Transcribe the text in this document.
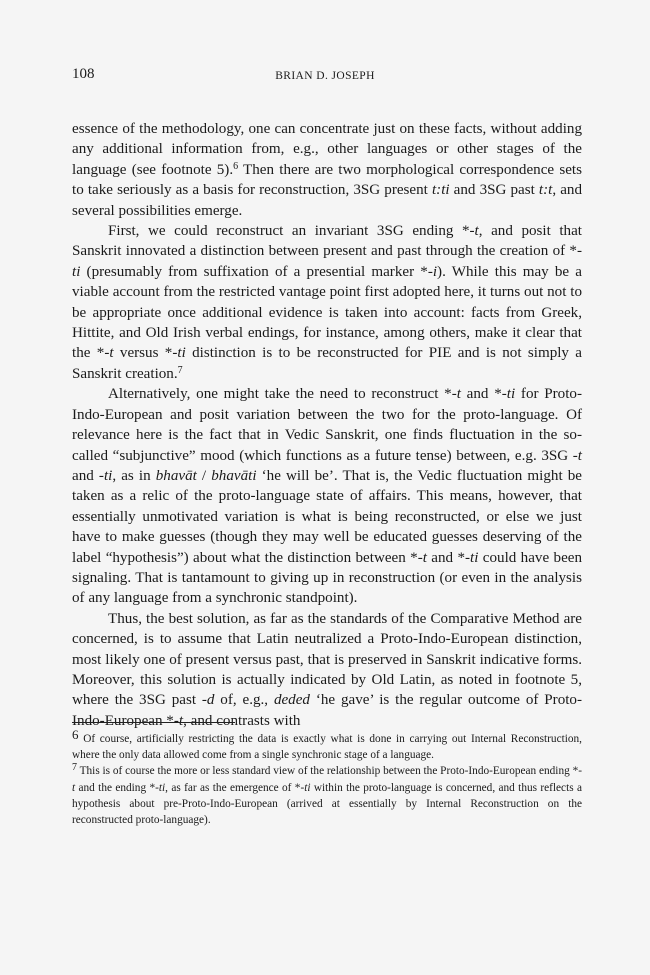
108	BRIAN D. JOSEPH

essence of the methodology, one can concentrate just on these facts, without adding any additional information from, e.g., other languages or other stages of the language (see footnote 5).$^6$ Then there are two morphological correspondence sets to take seriously as a basis for reconstruction, 3SG present t:ti and 3SG past t:t, and several possibilities emerge.

First, we could reconstruct an invariant 3SG ending *-t, and posit that Sanskrit innovated a distinction between present and past through the creation of *-ti (presumably from suffixation of a presential marker *-i). While this may be a viable account from the restricted vantage point first adopted here, it turns out not to be appropriate once additional evidence is taken into account: facts from Greek, Hittite, and Old Irish verbal endings, for instance, among others, make it clear that the *-t versus *-ti distinction is to be reconstructed for PIE and is not simply a Sanskrit creation.$^7$

Alternatively, one might take the need to reconstruct *-t and *-ti for Proto-Indo-European and posit variation between the two for the proto-language. Of relevance here is the fact that in Vedic Sanskrit, one finds fluctuation in the so-called “subjunctive” mood (which functions as a future tense) between, e.g. 3SG -t and -ti, as in bhavāt / bhavāti ‘he will be’. That is, the Vedic fluctuation might be taken as a relic of the proto-language state of affairs. This means, however, that essentially unmotivated variation is what is being reconstructed, or else we just have to make guesses (though they may well be educated guesses deserving of the label “hypothesis”) about what the distinction between *-t and *-ti could have been signaling. That is tantamount to giving up in reconstruction (or even in the analysis of any language from a synchronic standpoint).

Thus, the best solution, as far as the standards of the Comparative Method are concerned, is to assume that Latin neutralized a Proto-Indo-European distinction, most likely one of present versus past, that is preserved in Sanskrit indicative forms. Moreover, this solution is actually indicated by Old Latin, as noted in footnote 5, where the 3SG past -d of, e.g., deded ‘he gave’ is the regular outcome of Proto-Indo-European *-t, and contrasts with

6 Of course, artificially restricting the data is exactly what is done in carrying out Internal Reconstruction, where the only data allowed come from a single synchronic stage of a language.

7 This is of course the more or less standard view of the relationship between the Proto-Indo-European ending *-t and the ending *-ti, as far as the emergence of *-ti within the proto-language is concerned, and thus reflects a hypothesis about pre-Proto-Indo-European (arrived at essentially by Internal Reconstruction on the reconstructed proto-language).
